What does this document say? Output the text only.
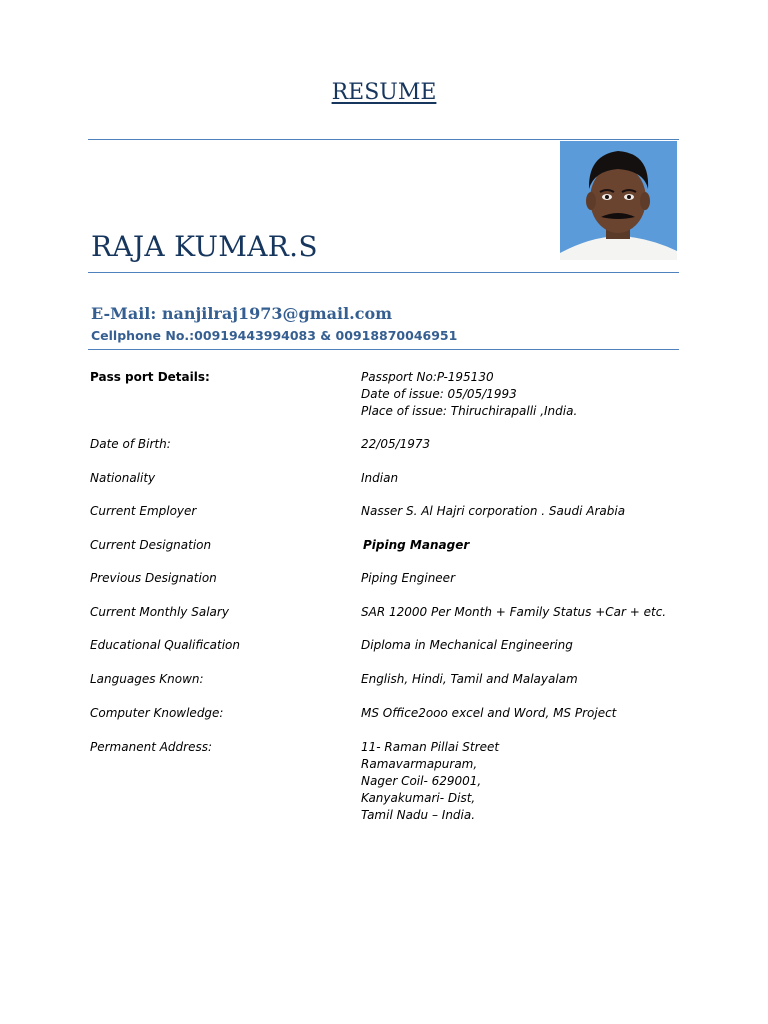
RESUME
RAJA KUMAR.S
E-Mail: nanjilraj1973@gmail.com
Cellphone No.:00919443994083 & 00918870046951
Pass port Details:	Passport No:P-195130
Date of issue: 05/05/1993
Place of issue: Thiruchirapalli ,India.
Date of Birth:	22/05/1973
Nationality	Indian
Current Employer	Nasser S. Al Hajri corporation . Saudi Arabia
Current Designation	Piping Manager
Previous Designation	Piping Engineer
Current Monthly Salary	SAR 12000 Per Month + Family Status +Car + etc.
Educational Qualification	Diploma in Mechanical Engineering
Languages Known:	English, Hindi, Tamil and Malayalam
Computer Knowledge:	MS Office2ooo excel and Word, MS Project
Permanent Address:	11- Raman Pillai Street
Ramavarmapuram,
Nager Coil- 629001,
Kanyakumari- Dist,
Tamil Nadu – India.
